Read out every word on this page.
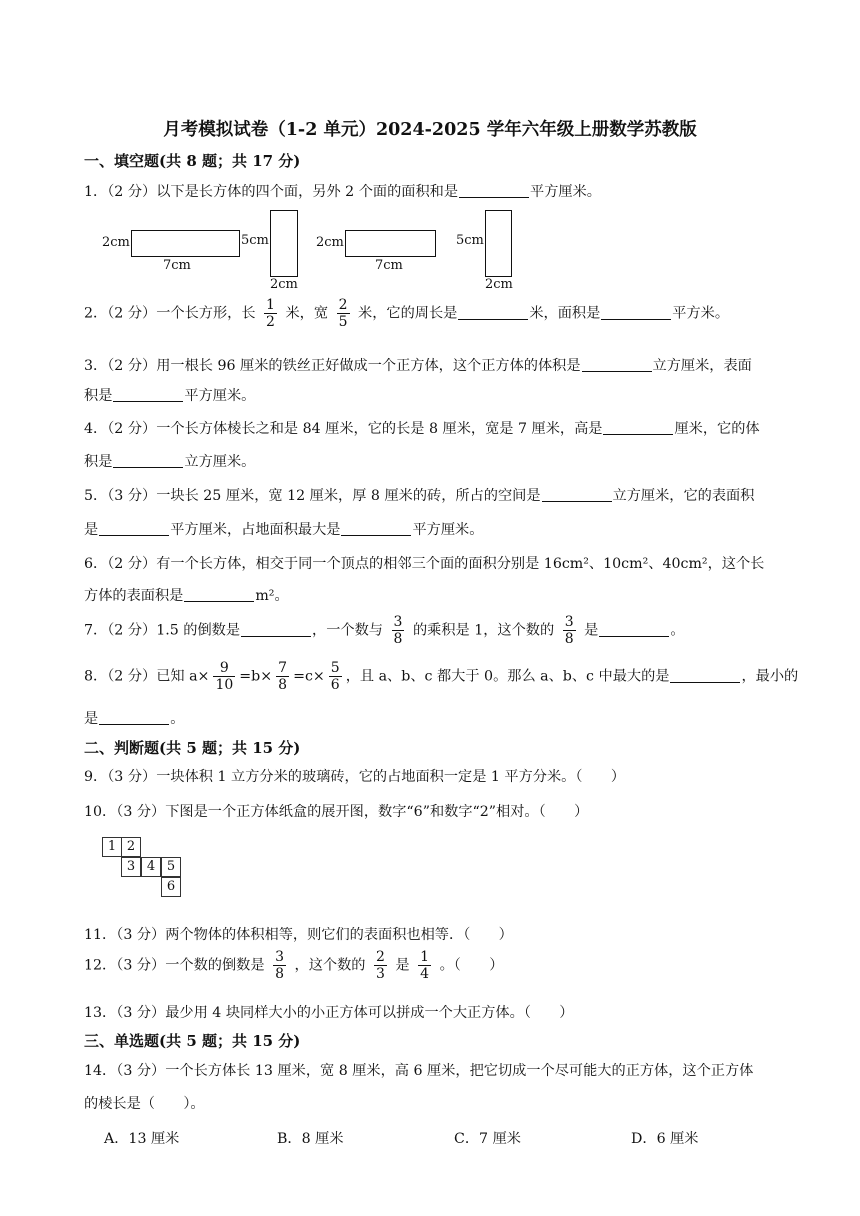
月考模拟试卷（1-2 单元）2024-2025 学年六年级上册数学苏教版
一、填空题(共 8 题；共 17 分)
1．（2 分）以下是长方体的四个面，另外 2 个面的面积和是	平方厘米。
2cm
7cm
5cm
2cm
2cm
7cm
5cm
2cm
2．（2 分）一个长方形，长 $\frac{1}{2}$ 米，宽 $\frac{2}{5}$ 米，它的周长是	米，面积是	平方米。
3．（2 分）用一根长 96 厘米的铁丝正好做成一个正方体，这个正方体的体积是	立方厘米，表面
积是	平方厘米。
4．（2 分）一个长方体棱长之和是 84 厘米，它的长是 8 厘米，宽是 7 厘米，高是	厘米，它的体
积是	立方厘米。
5．（3 分）一块长 25 厘米，宽 12 厘米，厚 8 厘米的砖，所占的空间是	立方厘米，它的表面积
是	平方厘米，占地面积最大是	平方厘米。
6．（2 分）有一个长方体，相交于同一个顶点的相邻三个面的面积分别是 16cm²、10cm²、40cm²，这个长
方体的表面积是	m²。
7．（2 分）1.5 的倒数是	，一个数与 $\frac{3}{8}$ 的乘积是 1，这个数的 $\frac{3}{8}$ 是	。
8．（2 分）已知 $a\times \frac{9}{10} =b\times \frac{7}{8} =c\times \frac{5}{6}$ ，且 a、b、c 都大于 0。那么 a、b、c 中最大的是	，最小的
是	。
二、判断题(共 5 题；共 15 分)
9．（3 分）一块体积 1 立方分米的玻璃砖，它的占地面积一定是 1 平方分米。（　　）
10．（3 分）下图是一个正方体纸盒的展开图，数字“6”和数字“2”相对。（　　）
1 2
3 4 5
6
11．（3 分）两个物体的体积相等，则它们的表面积也相等．（　　）
12．（3 分）一个数的倒数是 $\frac{3}{8}$ ，这个数的 $\frac{2}{3}$ 是 $\frac{1}{4}$ 。（　　）
13．（3 分）最少用 4 块同样大小的小正方体可以拼成一个大正方体。（　　）
三、单选题(共 5 题；共 15 分)
14．（3 分）一个长方体长 13 厘米，宽 8 厘米，高 6 厘米，把它切成一个尽可能大的正方体，这个正方体
的棱长是（　　）。
A．13 厘米	B．8 厘米	C．7 厘米	D．6 厘米
